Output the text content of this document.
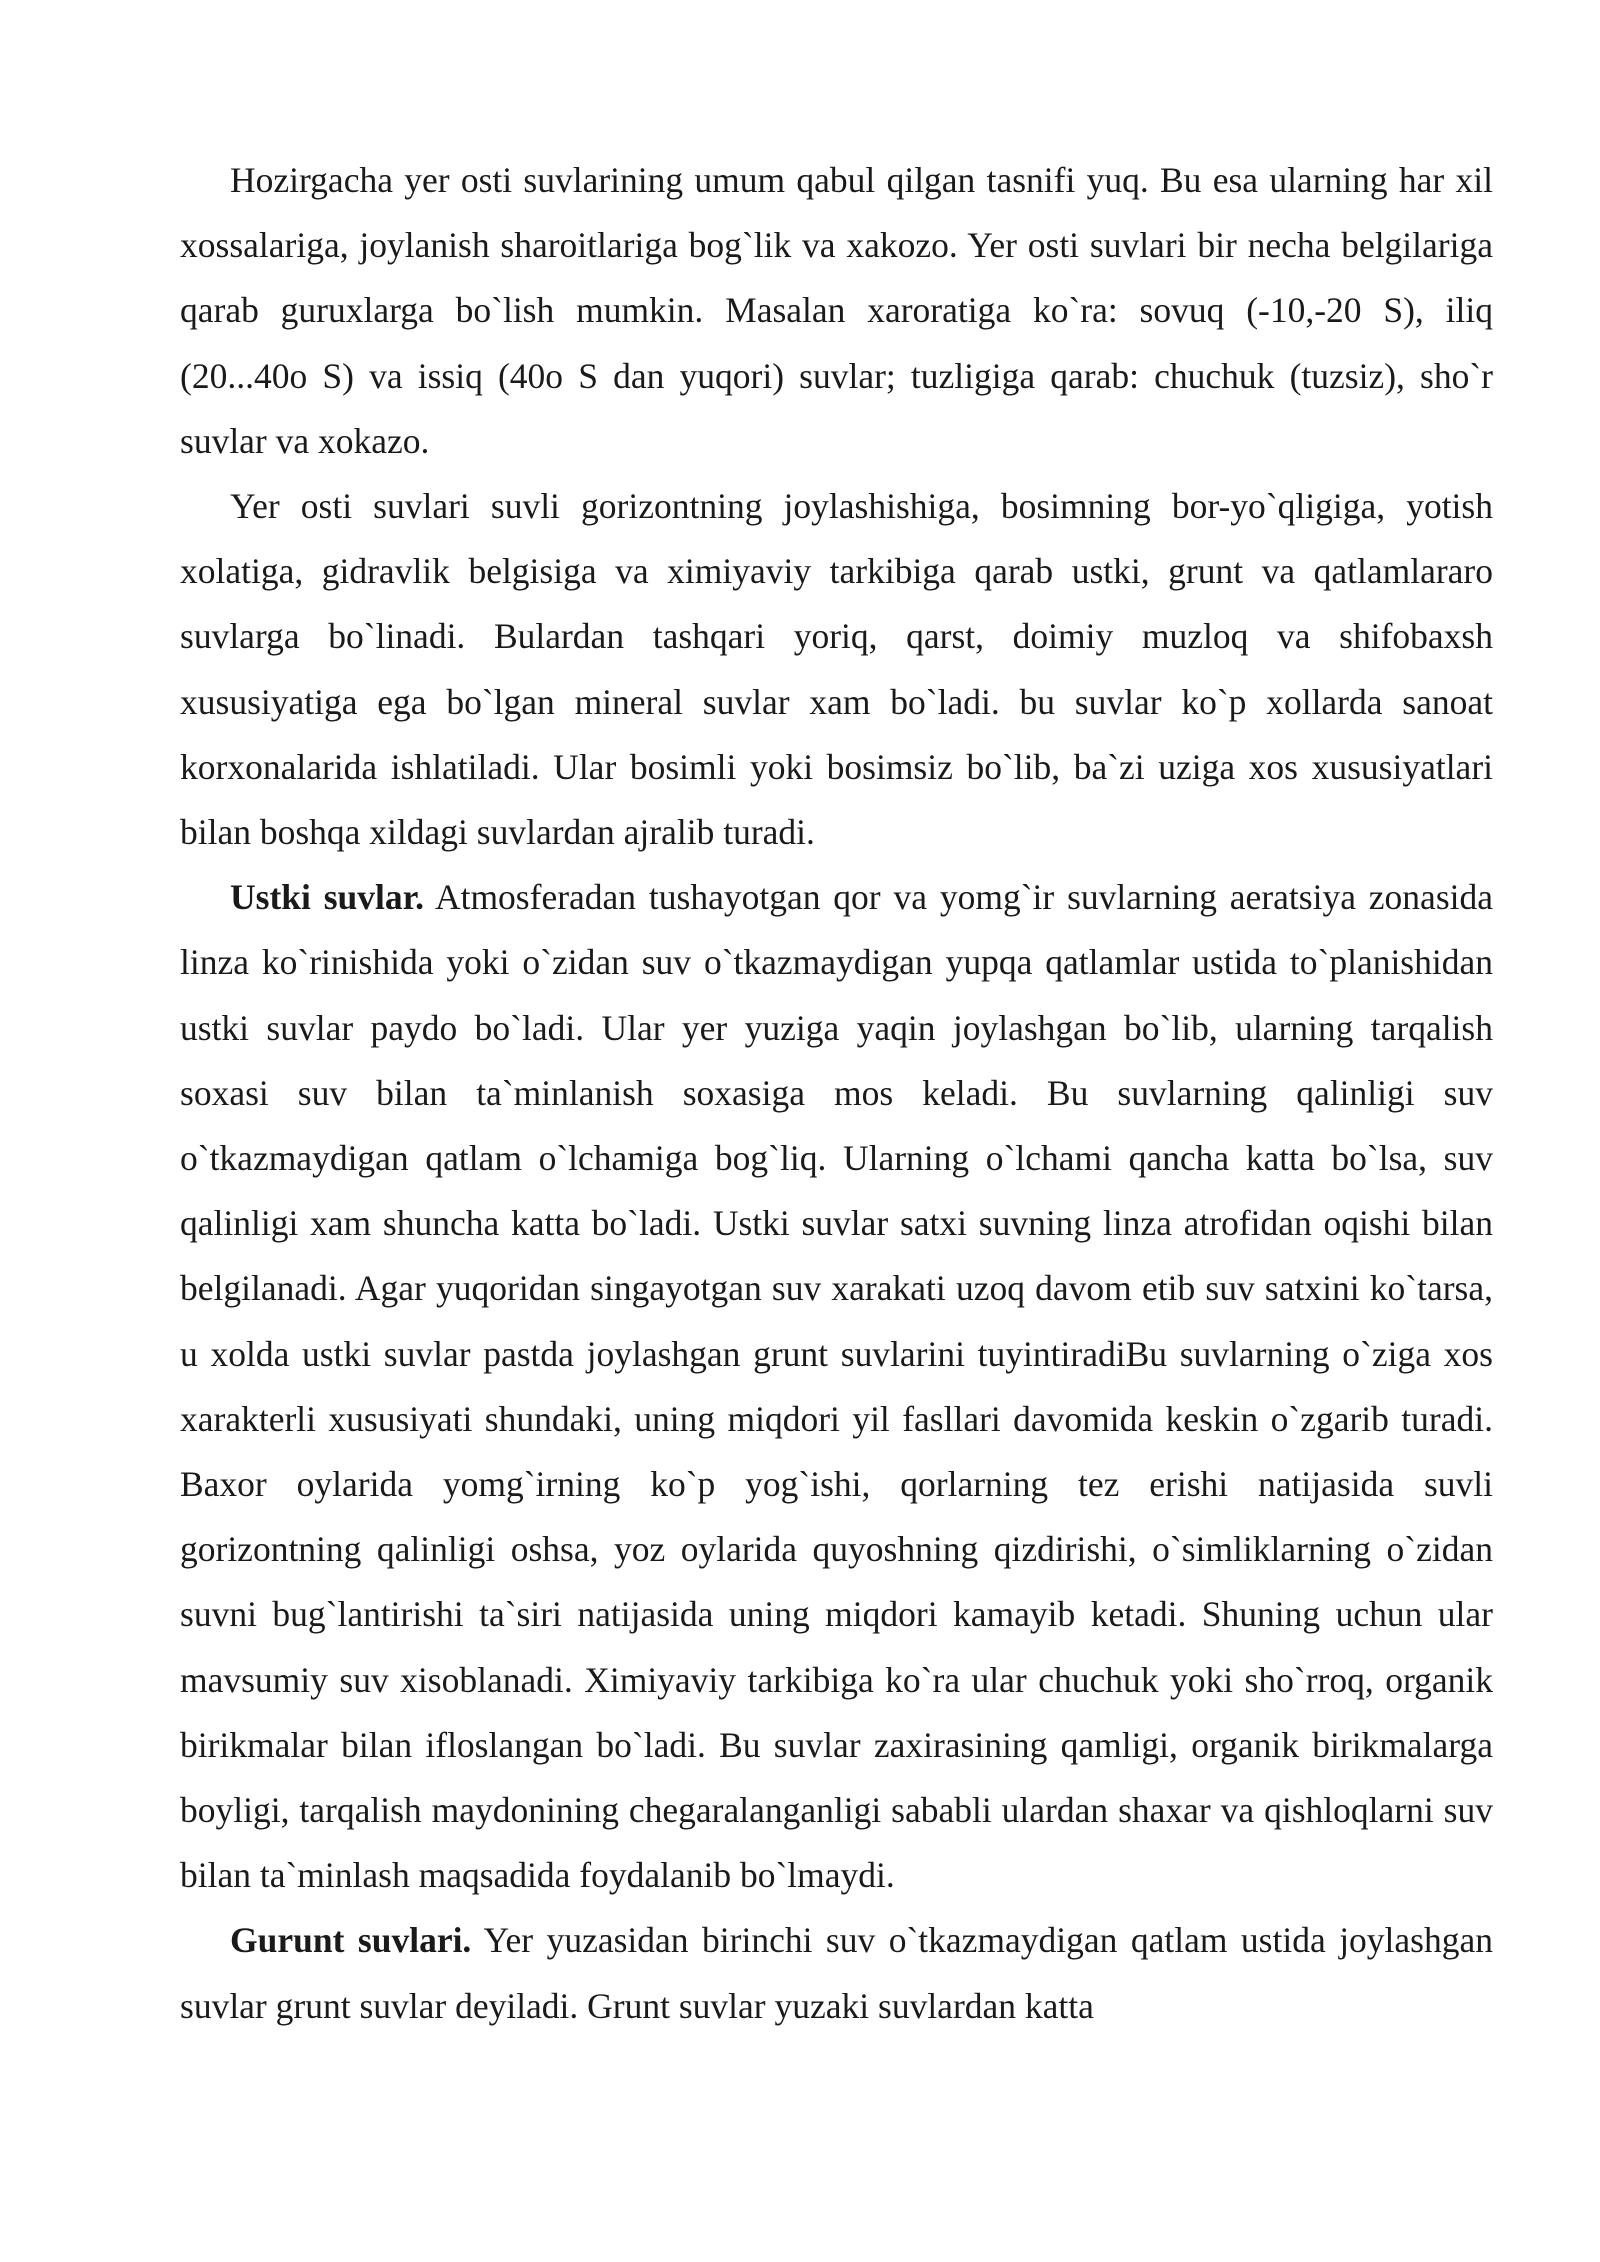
Hozirgacha yer osti suvlarining umum qabul qilgan tasnifi yuq. Bu esa ularning har xil xossalariga, joylanish sharoitlariga bog`lik va xakozo. Yer osti suvlari bir necha belgilariga qarab guruxlarga bo`lish mumkin. Masalan xaroratiga ko`ra: sovuq (-10,-20 S), iliq (20...40o S) va issiq (40o S dan yuqori) suvlar; tuzligiga qarab: chuchuk (tuzsiz), sho`r suvlar va xokazo.

Yer osti suvlari suvli gorizontning joylashishiga, bosimning bor-yo`qligiga, yotish xolatiga, gidravlik belgisiga va ximiyaviy tarkibiga qarab ustki, grunt va qatlamlararo suvlarga bo`linadi. Bulardan tashqari yoriq, qarst, doimiy muzloq va shifobaxsh xususiyatiga ega bo`lgan mineral suvlar xam bo`ladi. bu suvlar ko`p xollarda sanoat korxonalarida ishlatiladi. Ular bosimli yoki bosimsiz bo`lib, ba`zi uziga xos xususiyatlari bilan boshqa xildagi suvlardan ajralib turadi.

Ustki suvlar. Atmosferadan tushayotgan qor va yomg`ir suvlarning aeratsiya zonasida linza ko`rinishida yoki o`zidan suv o`tkazmaydigan yupqa qatlamlar ustida to`planishidan ustki suvlar paydo bo`ladi. Ular yer yuziga yaqin joylashgan bo`lib, ularning tarqalish soxasi suv bilan ta`minlanish soxasiga mos keladi. Bu suvlarning qalinligi suv o`tkazmaydigan qatlam o`lchamiga bog`liq. Ularning o`lchami qancha katta bo`lsa, suv qalinligi xam shuncha katta bo`ladi. Ustki suvlar satxi suvning linza atrofidan oqishi bilan belgilanadi. Agar yuqoridan singayotgan suv xarakati uzoq davom etib suv satxini ko`tarsa, u xolda ustki suvlar pastda joylashgan grunt suvlarini tuyintiradiBu suvlarning o`ziga xos xarakterli xususiyati shundaki, uning miqdori yil fasllari davomida keskin o`zgarib turadi. Baxor oylarida yomg`irning ko`p yog`ishi, qorlarning tez erishi natijasida suvli gorizontning qalinligi oshsa, yoz oylarida quyoshning qizdirishi, o`simliklarning o`zidan suvni bug`lantirishi ta`siri natijasida uning miqdori kamayib ketadi. Shuning uchun ular mavsumiy suv xisoblanadi. Ximiyaviy tarkibiga ko`ra ular chuchuk yoki sho`rroq, organik birikmalar bilan ifloslangan bo`ladi. Bu suvlar zaxirasining qamligi, organik birikmalarga boyligi, tarqalish maydonining chegaralanganligi sababli ulardan shaxar va qishloqlarni suv bilan ta`minlash maqsadida foydalanib bo`lmaydi.

Gurunt suvlari. Yer yuzasidan birinchi suv o`tkazmaydigan qatlam ustida joylashgan suvlar grunt suvlar deyiladi. Grunt suvlar yuzaki suvlardan katta
